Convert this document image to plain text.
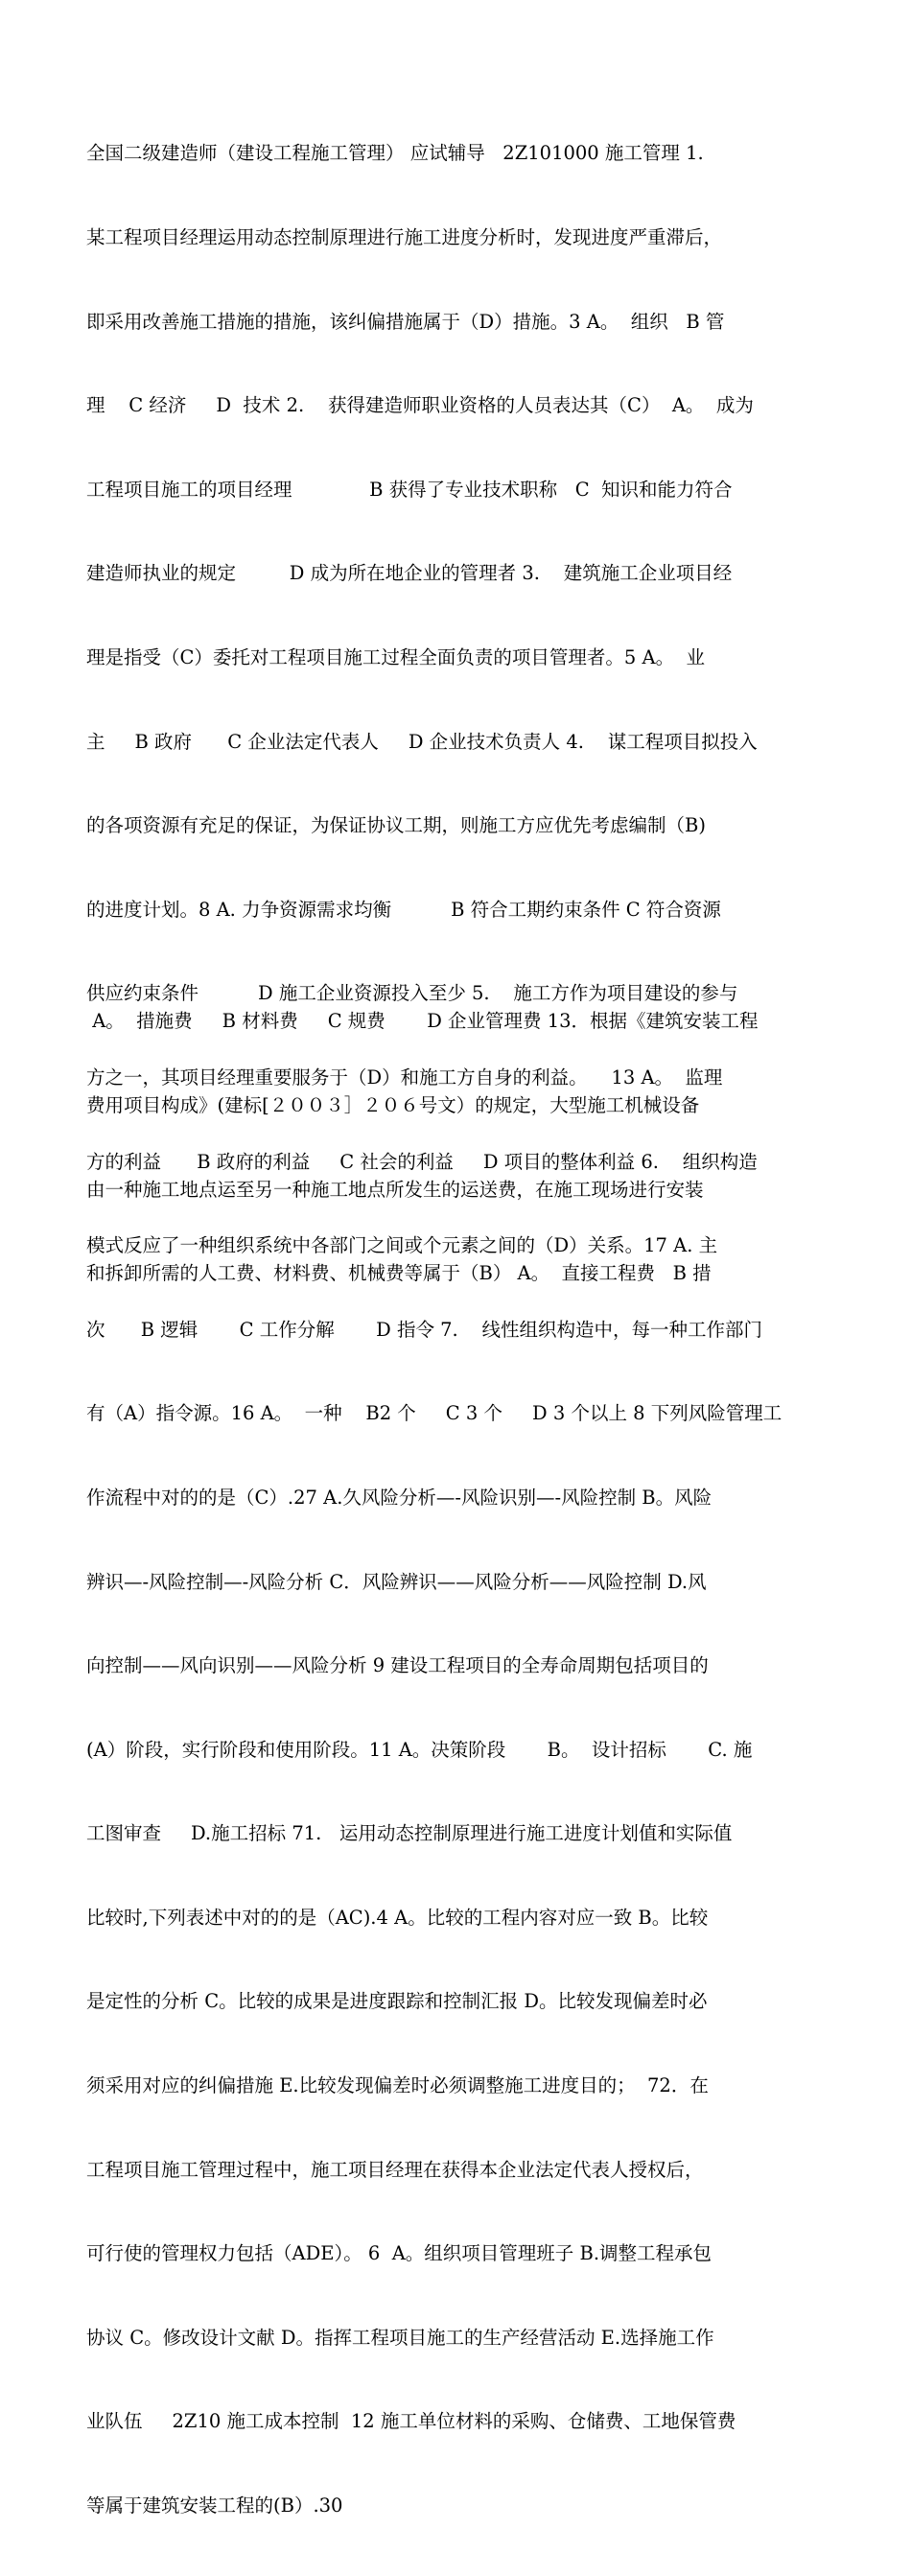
全国二级建造师（建设工程施工管理） 应试辅导   2Z101000 施工管理 1.

某工程项目经理运用动态控制原理进行施工进度分析时，发现进度严重滞后，

即采用改善施工措施的措施，该纠偏措施属于（D）措施。3 A。  组织   B 管

理    C 经济     D  技术 2.    获得建造师职业资格的人员表达其（C）  A。  成为

工程项目施工的项目经理             B 获得了专业技术职称   C  知识和能力符合

建造师执业的规定         D 成为所在地企业的管理者 3.    建筑施工企业项目经

理是指受（C）委托对工程项目施工过程全面负责的项目管理者。5 A。  业

主     B 政府      C 企业法定代表人     D 企业技术负责人 4.    谋工程项目拟投入

的各项资源有充足的保证，为保证协议工期，则施工方应优先考虑编制（B)

的进度计划。8 A. 力争资源需求均衡          B 符合工期约束条件 C 符合资源

供应约束条件          D 施工企业资源投入至少 5.    施工方作为项目建设的参与

方之一，其项目经理重要服务于（D）和施工方自身的利益。    13 A。  监理

方的利益      B 政府的利益     C 社会的利益     D 项目的整体利益 6.    组织构造

模式反应了一种组织系统中各部门之间或个元素之间的（D）关系。17 A. 主

次      B 逻辑       C 工作分解       D 指令 7.    线性组织构造中，每一种工作部门

有（A）指令源。16 A。  一种    B2 个     C 3 个     D 3 个以上 8 下列风险管理工

作流程中对的的是（C）.27 A.久风险分析—-风险识别—-风险控制 B。风险

辨识—-风险控制—-风险分析 C．风险辨识——风险分析——风险控制 D.风

向控制——风向识别——风险分析 9 建设工程项目的全寿命周期包括项目的

(A）阶段，实行阶段和使用阶段。11 A。决策阶段       B。  设计招标       C. 施

工图审查     D.施工招标 71.   运用动态控制原理进行施工进度计划值和实际值

比较时,下列表述中对的的是（AC).4 A。比较的工程内容对应一致 B。比较

是定性的分析 C。比较的成果是进度跟踪和控制汇报 D。比较发现偏差时必

须采用对应的纠偏措施 E.比较发现偏差时必须调整施工进度目的；  72．在

工程项目施工管理过程中，施工项目经理在获得本企业法定代表人授权后，

可行使的管理权力包括（ADE）。 6  A。组织项目管理班子 B.调整工程承包

协议 C。修改设计文献 D。指挥工程项目施工的生产经营活动 E.选择施工作

业队伍     2Z10 施工成本控制  12 施工单位材料的采购、仓储费、工地保管费

等属于建筑安装工程的(B）.30

A。  措施费     B 材料费     C 规费       D 企业管理费 13．根据《建筑安装工程

费用项目构成》(建标[２００３］２０６号文）的规定，大型施工机械设备

由一种施工地点运至另一种施工地点所发生的运送费，在施工现场进行安装

和拆卸所需的人工费、材料费、机械费等属于（B） A。  直接工程费   B 措
